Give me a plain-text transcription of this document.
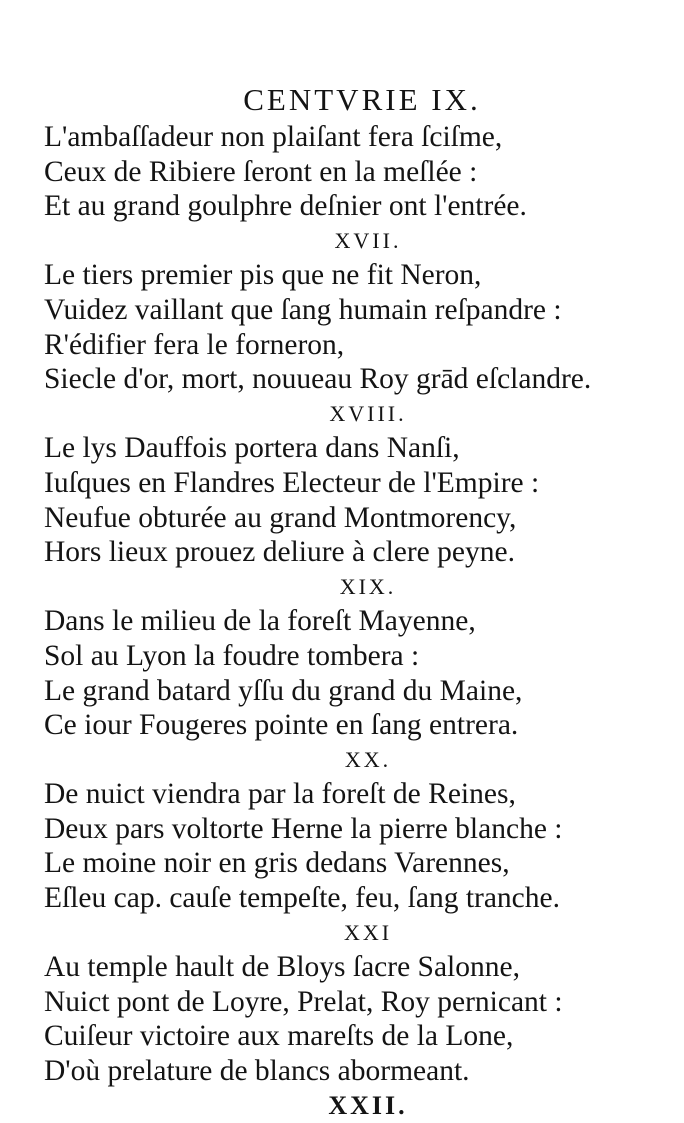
CENTVRIE IX.
L'ambaſſadeur non plaiſant fera ſciſme,
Ceux de Ribiere ſeront en la meſlée :
Et au grand goulphre deſnier ont l'entrée.
XVII.
Le tiers premier pis que ne fit Neron,
Vuidez vaillant que ſang humain reſpandre :
R'édifier fera le forneron,
Siecle d'or, mort, nouueau Roy grād eſclandre.
XVIII.
Le lys Dauffois portera dans Nanſi,
Iuſques en Flandres Electeur de l'Empire :
Neufue obturée au grand Montmorency,
Hors lieux prouez deliure à clere peyne.
XIX.
Dans le milieu de la foreſt Mayenne,
Sol au Lyon la foudre tombera :
Le grand batard yſſu du grand du Maine,
Ce iour Fougeres pointe en ſang entrera.
XX.
De nuict viendra par la foreſt de Reines,
Deux pars voltorte Herne la pierre blanche :
Le moine noir en gris dedans Varennes,
Eſleu cap. cauſe tempeſte, feu, ſang tranche.
XXI
Au temple hault de Bloys ſacre Salonne,
Nuict pont de Loyre, Prelat, Roy pernicant :
Cuiſeur victoire aux mareſts de la Lone,
D'où prelature de blancs abormeant.
XXII.
